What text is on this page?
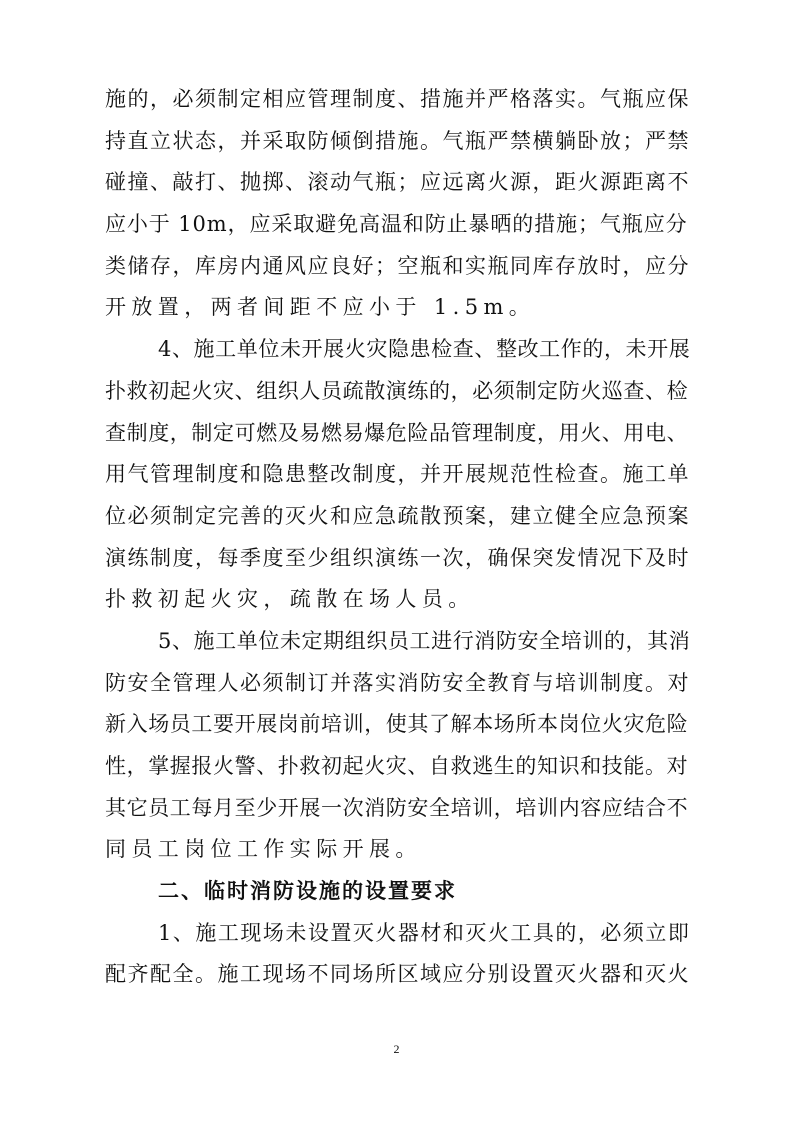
施的，必须制定相应管理制度、措施并严格落实。气瓶应保
持直立状态，并采取防倾倒措施。气瓶严禁横躺卧放；严禁
碰撞、敲打、抛掷、滚动气瓶；应远离火源，距火源距离不
应小于 10m，应采取避免高温和防止暴晒的措施；气瓶应分
类储存，库房内通风应良好；空瓶和实瓶同库存放时，应分
开放置，两者间距不应小于 1.5m。
4、施工单位未开展火灾隐患检查、整改工作的，未开展
扑救初起火灾、组织人员疏散演练的，必须制定防火巡查、检
查制度，制定可燃及易燃易爆危险品管理制度，用火、用电、
用气管理制度和隐患整改制度，并开展规范性检查。施工单
位必须制定完善的灭火和应急疏散预案，建立健全应急预案
演练制度，每季度至少组织演练一次，确保突发情况下及时
扑救初起火灾，疏散在场人员。
5、施工单位未定期组织员工进行消防安全培训的，其消
防安全管理人必须制订并落实消防安全教育与培训制度。对
新入场员工要开展岗前培训，使其了解本场所本岗位火灾危险
性，掌握报火警、扑救初起火灾、自救逃生的知识和技能。对
其它员工每月至少开展一次消防安全培训，培训内容应结合不
同员工岗位工作实际开展。
二、临时消防设施的设置要求
1、施工现场未设置灭火器材和灭火工具的，必须立即
配齐配全。施工现场不同场所区域应分别设置灭火器和灭火
2
